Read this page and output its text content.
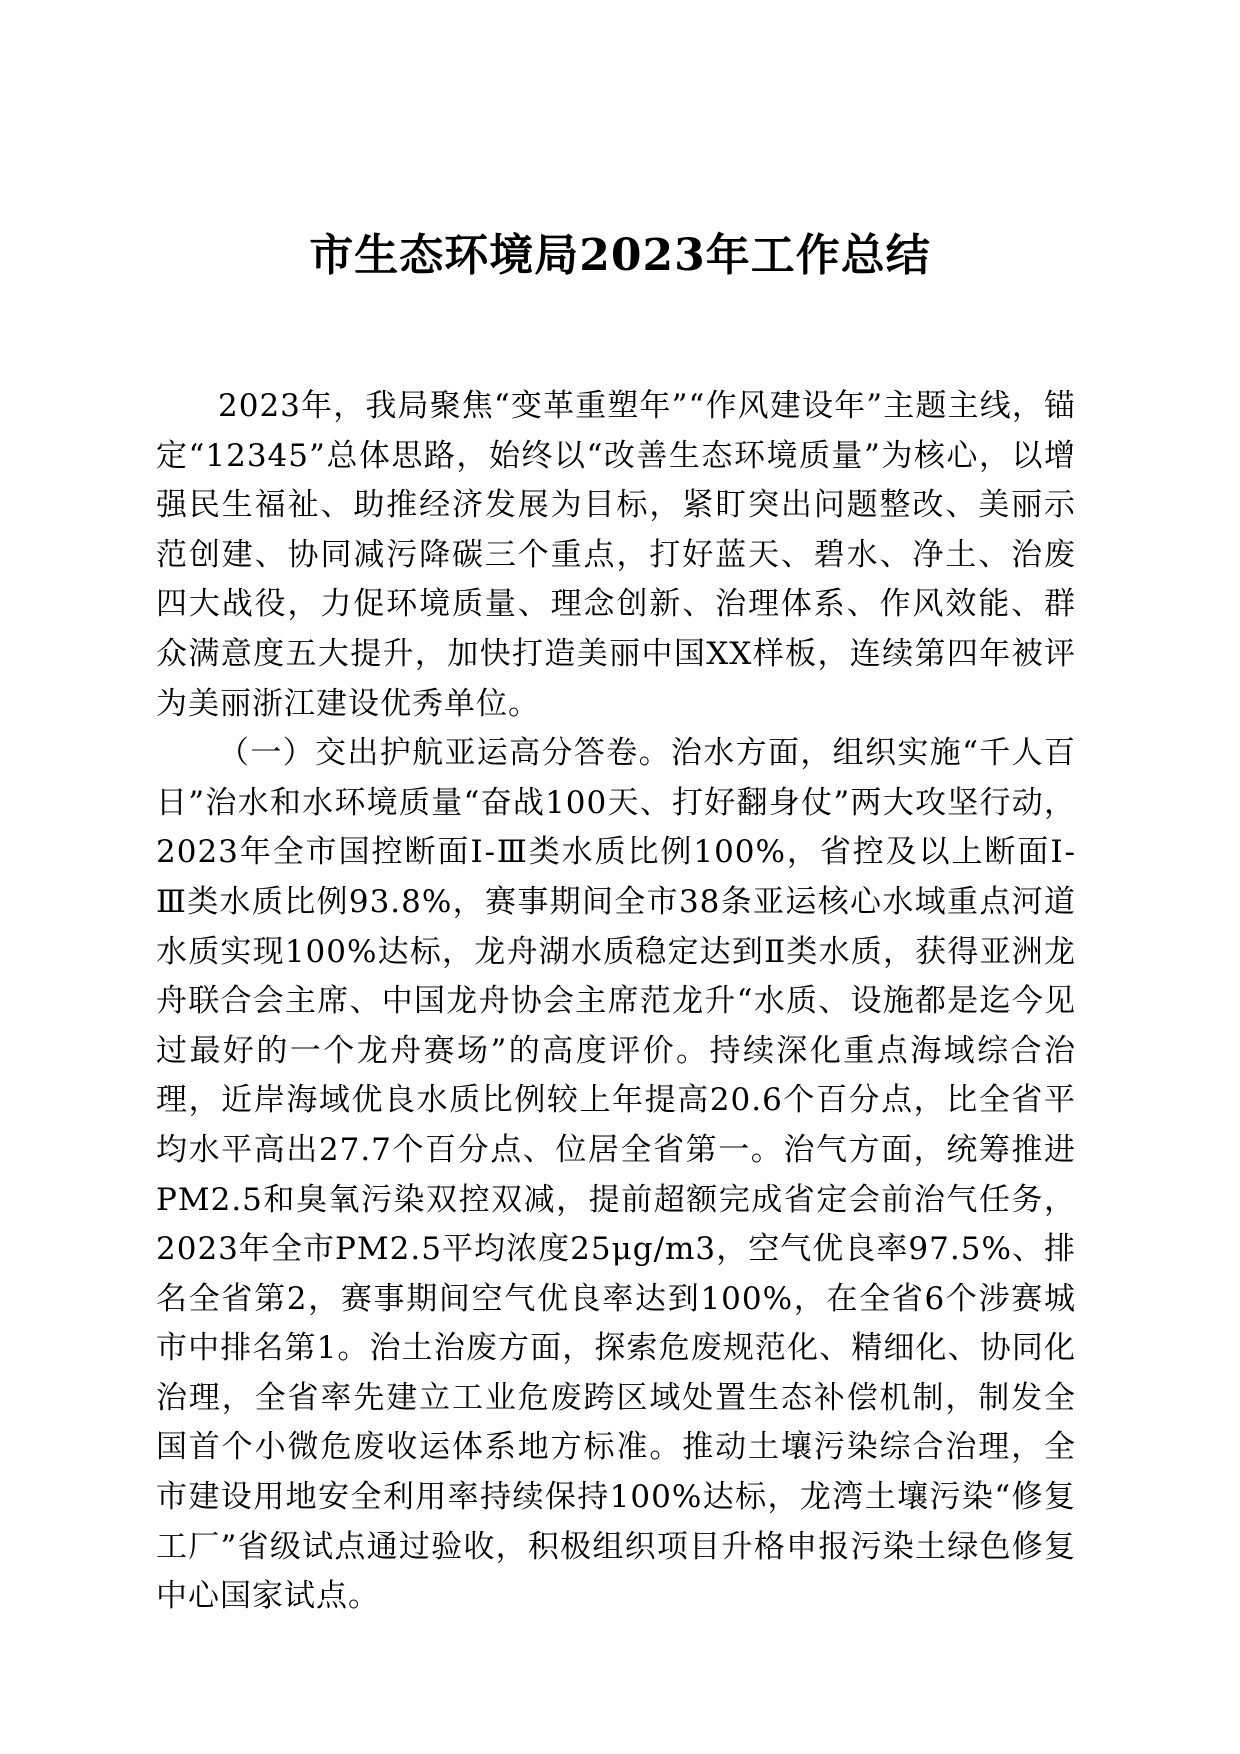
市生态环境局2023年工作总结

2023年，我局聚焦“变革重塑年”“作风建设年”主题主线，锚定“12345”总体思路，始终以“改善生态环境质量”为核心，以增强民生福祉、助推经济发展为目标，紧盯突出问题整改、美丽示范创建、协同减污降碳三个重点，打好蓝天、碧水、净土、治废四大战役，力促环境质量、理念创新、治理体系、作风效能、群众满意度五大提升，加快打造美丽中国XX样板，连续第四年被评为美丽浙江建设优秀单位。

（一）交出护航亚运高分答卷。治水方面，组织实施“千人百日”治水和水环境质量“奋战100天、打好翻身仗”两大攻坚行动，2023年全市国控断面Ⅰ-Ⅲ类水质比例100%，省控及以上断面Ⅰ-Ⅲ类水质比例93.8%，赛事期间全市38条亚运核心水域重点河道水质实现100%达标，龙舟湖水质稳定达到Ⅱ类水质，获得亚洲龙舟联合会主席、中国龙舟协会主席范龙升“水质、设施都是迄今见过最好的一个龙舟赛场”的高度评价。持续深化重点海域综合治理，近岸海域优良水质比例较上年提高20.6个百分点，比全省平均水平高出27.7个百分点、位居全省第一。治气方面，统筹推进PM2.5和臭氧污染双控双减，提前超额完成省定会前治气任务，2023年全市PM2.5平均浓度25μg/m3，空气优良率97.5%、排名全省第2，赛事期间空气优良率达到100%，在全省6个涉赛城市中排名第1。治土治废方面，探索危废规范化、精细化、协同化治理，全省率先建立工业危废跨区域处置生态补偿机制，制发全国首个小微危废收运体系地方标准。推动土壤污染综合治理，全市建设用地安全利用率持续保持100%达标，龙湾土壤污染“修复工厂”省级试点通过验收，积极组织项目升格申报污染土绿色修复中心国家试点。
